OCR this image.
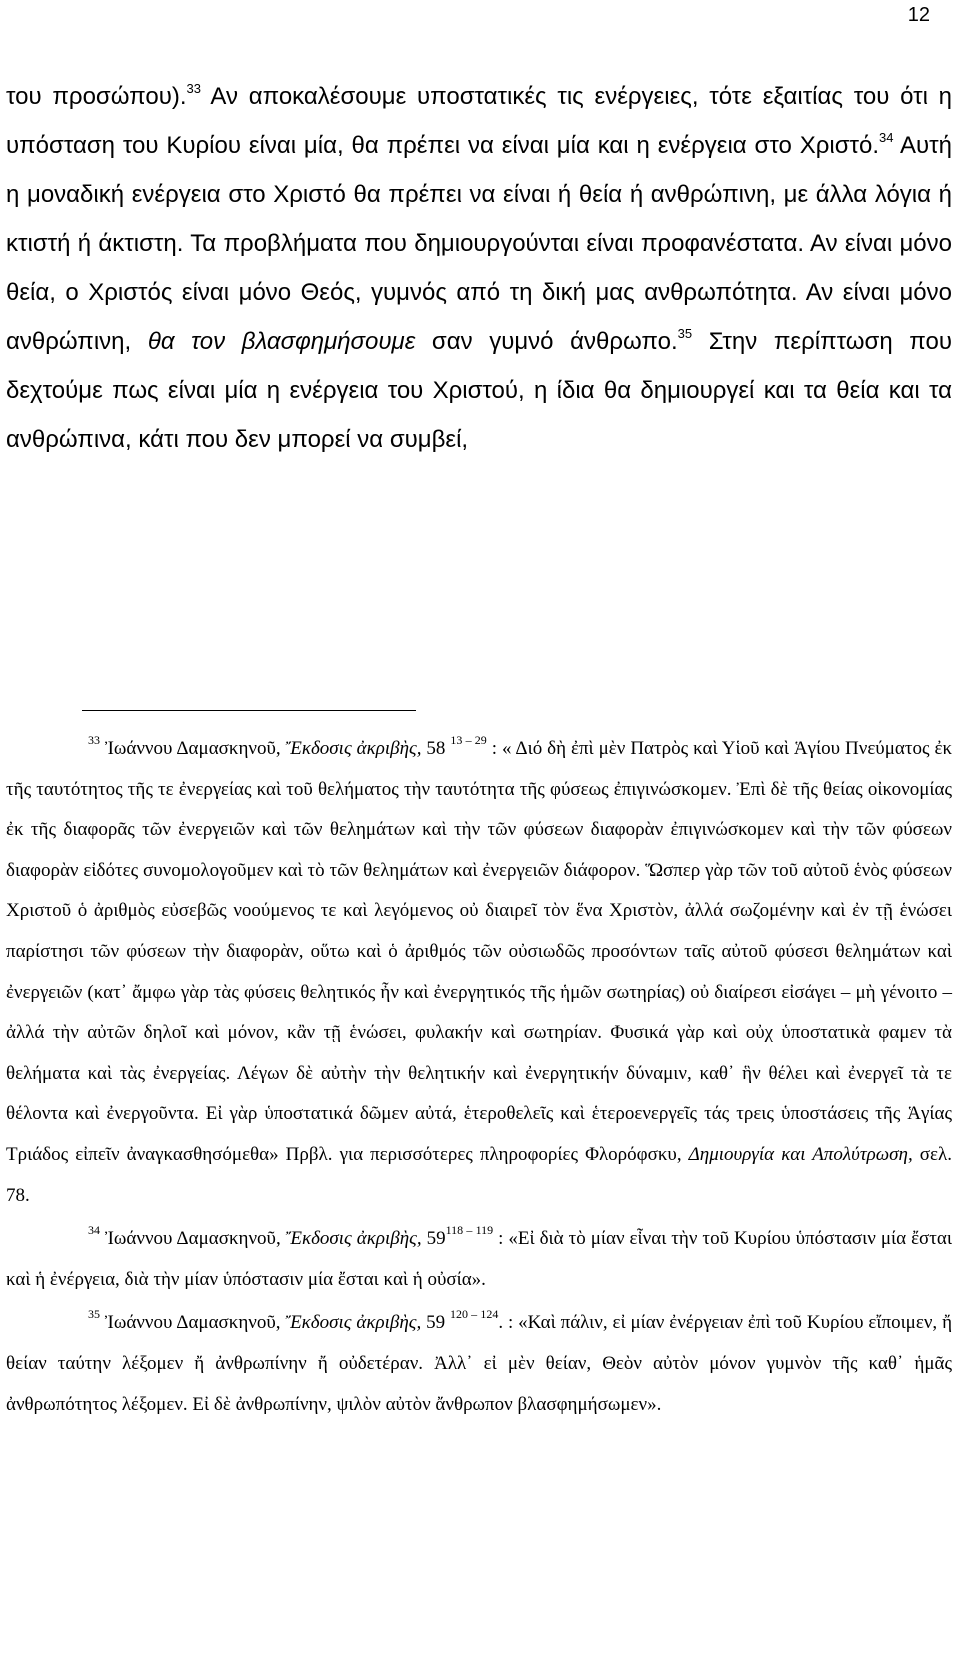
12

του προσώπου).$^{33}$ Αν αποκαλέσουμε υποστατικές τις ενέργειες, τότε εξαιτίας του ότι η υπόσταση του Κυρίου είναι μία, θα πρέπει να είναι μία και η ενέργεια στο Χριστό.$^{34}$ Αυτή η μοναδική ενέργεια στο Χριστό θα πρέπει να είναι ή θεία ή ανθρώπινη, με άλλα λόγια ή κτιστή ή άκτιστη. Τα προβλήματα που δημιουργούνται είναι προφανέστατα. Αν είναι μόνο θεία, ο Χριστός είναι μόνο Θεός, γυμνός από τη δική μας ανθρωπότητα. Αν είναι μόνο ανθρώπινη, θα τον βλασφημήσουμε σαν γυμνό άνθρωπο.$^{35}$ Στην περίπτωση που δεχτούμε πως είναι μία η ενέργεια του Χριστού, η ίδια θα δημιουργεί και τα θεία και τα ανθρώπινα, κάτι που δεν μπορεί να συμβεί,

$^{33}$ Ἰωάννου Δαμασκηνοῦ, Ἔκδοσις ἀκριβὴς, 58 $^{13 - 29}$ : « Διό δὴ ἐπὶ μὲν Πατρὸς καὶ Υἱοῦ καὶ Ἁγίου Πνεύματος ἐκ τῆς ταυτότητος τῆς τε ἐνεργείας καὶ τοῦ θελήματος τὴν ταυτότητα τῆς φύσεως ἐπιγινώσκομεν. Ἐπὶ δὲ τῆς θείας οἰκονομίας ἐκ τῆς διαφορᾶς τῶν ἐνεργειῶν καὶ τῶν θελημάτων καὶ τὴν τῶν φύσεων διαφορὰν ἐπιγινώσκομεν καὶ τὴν τῶν φύσεων διαφορὰν εἰδότες συνομολογοῦμεν καὶ τὸ τῶν θελημάτων καὶ ἐνεργειῶν διάφορον. Ὥσπερ γὰρ τῶν τοῦ αὐτοῦ ἑνὸς φύσεων Χριστοῦ ὁ ἀριθμὸς εὐσεβῶς νοούμενος τε καὶ λεγόμενος οὐ διαιρεῖ τὸν ἕνα Χριστὸν, ἀλλά σωζομένην καὶ ἐν τῇ ἑνώσει παρίστησι τῶν φύσεων τὴν διαφορὰν, οὕτω καὶ ὁ ἀριθμός τῶν οὐσιωδῶς προσόντων ταῖς αὐτοῦ φύσεσι θελημάτων καὶ ἐνεργειῶν (κατ᾽ ἄμφω γὰρ τὰς φύσεις θελητικός ἦν καὶ ἐνεργητικός τῆς ἡμῶν σωτηρίας) οὐ διαίρεσι εἰσάγει – μὴ γένοιτο – ἀλλά τὴν αὐτῶν δηλοῖ καὶ μόνον, κἂν τῇ ἑνώσει, φυλακήν καὶ σωτηρίαν. Φυσικά γὰρ καὶ οὐχ ὑποστατικὰ φαμεν τὰ θελήματα καὶ τὰς ἐνεργείας. Λέγων δὲ αὐτὴν τὴν θελητικήν καὶ ἐνεργητικήν δύναμιν, καθ᾽ ἣν θέλει καὶ ἐνεργεῖ τὰ τε θέλοντα καὶ ἐνεργοῦντα. Εἰ γὰρ ὑποστατικά δῶμεν αὐτά, ἑτεροθελεῖς καὶ ἑτεροενεργεῖς τάς τρεις ὑποστάσεις τῆς Ἁγίας Τριάδος εἰπεῖν ἀναγκασθησόμεθα» Πρβλ. για περισσότερες πληροφορίες Φλορόφσκυ, Δημιουργία και Απολύτρωση, σελ. 78.

$^{34}$ Ἰωάννου Δαμασκηνοῦ, Ἔκδοσις ἀκριβὴς, 59$^{118 - 119}$ : «Εἰ διὰ τὸ μίαν εἶναι τὴν τοῦ Κυρίου ὑπόστασιν μία ἔσται καὶ ἡ ἐνέργεια, διὰ τὴν μίαν ὑπόστασιν μία ἔσται καὶ ἡ οὐσία».

$^{35}$ Ἰωάννου Δαμασκηνοῦ, Ἔκδοσις ἀκριβὴς, 59 $^{120 - 124}$. : «Καὶ πάλιν, εἰ μίαν ἐνέργειαν ἐπὶ τοῦ Κυρίου εἴποιμεν, ἤ θείαν ταύτην λέξομεν ἤ ἀνθρωπίνην ἤ οὐδετέραν. Ἀλλ᾽ εἰ μὲν θείαν, Θεὸν αὐτὸν μόνον γυμνὸν τῆς καθ᾽ ἡμᾶς ἀνθρωπότητος λέξομεν. Εἰ δὲ ἀνθρωπίνην, ψιλὸν αὐτὸν ἄνθρωπον βλασφημήσωμεν».
